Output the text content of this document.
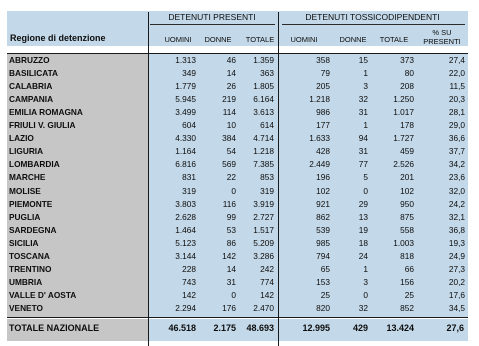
DETENUTI PRESENTI	DETENUTI TOSSICODIPENDENTI
Regione di detenzione	UOMINI	DONNE	TOTALE	UOMINI	DONNE	TOTALE
% SU
PRESENTI
ABRUZZO	1.313	46	1.359	358	15	373	27,4
BASILICATA	349	14	363	79	1	80	22,0
CALABRIA	1.779	26	1.805	205	3	208	11,5
CAMPANIA	5.945	219	6.164	1.218	32	1.250	20,3
EMILIA ROMAGNA	3.499	114	3.613	986	31	1.017	28,1
FRIULI V. GIULIA	604	10	614	177	1	178	29,0
LAZIO	4.330	384	4.714	1.633	94	1.727	36,6
LIGURIA	1.164	54	1.218	428	31	459	37,7
LOMBARDIA	6.816	569	7.385	2.449	77	2.526	34,2
MARCHE	831	22	853	196	5	201	23,6
MOLISE	319	0	319	102	0	102	32,0
PIEMONTE	3.803	116	3.919	921	29	950	24,2
PUGLIA	2.628	99	2.727	862	13	875	32,1
SARDEGNA	1.464	53	1.517	539	19	558	36,8
SICILIA	5.123	86	5.209	985	18	1.003	19,3
TOSCANA	3.144	142	3.286	794	24	818	24,9
TRENTINO	228	14	242	65	1	66	27,3
UMBRIA	743	31	774	153	3	156	20,2
VALLE D' AOSTA	142	0	142	25	0	25	17,6
VENETO	2.294	176	2.470	820	32	852	34,5
TOTALE NAZIONALE	46.518	2.175	48.693	12.995	429	13.424	27,6
